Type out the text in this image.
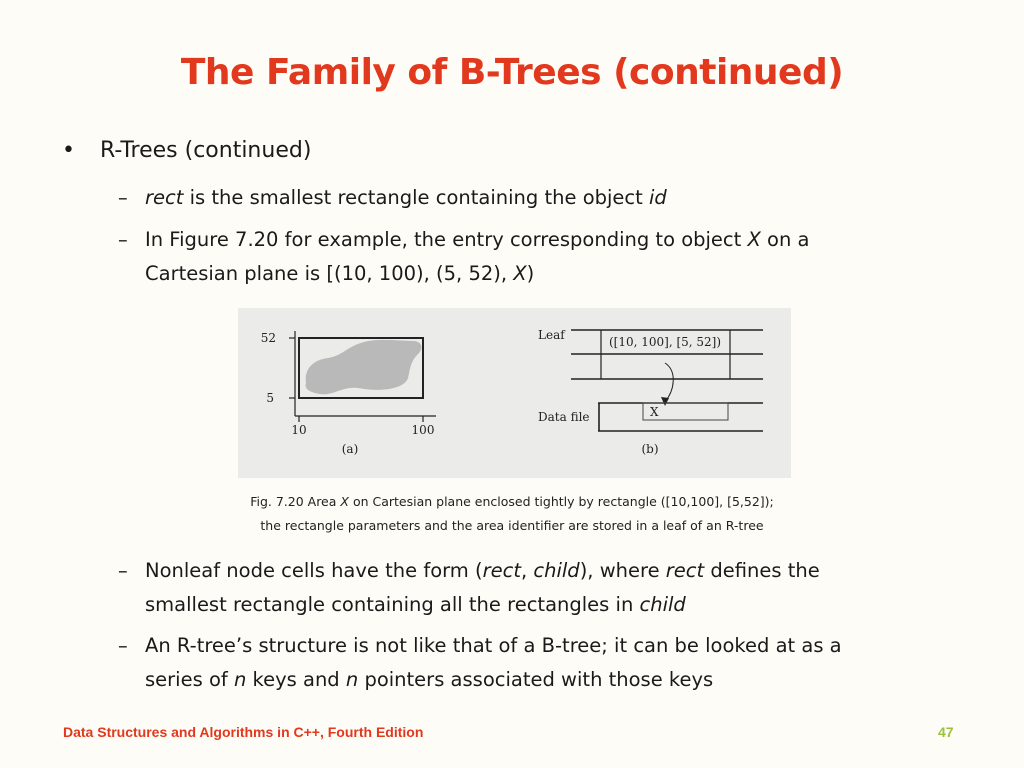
The Family of B-Trees (continued)
• R-Trees (continued)
– rect is the smallest rectangle containing the object id
– In Figure 7.20 for example, the entry corresponding to object X on a
Cartesian plane is [(10, 100), (5, 52), X)
52
5
10	100
(a)
Leaf	([10, 100], [5, 52])
Data file	X
(b)
Fig. 7.20 Area X on Cartesian plane enclosed tightly by rectangle ([10,100], [5,52]);
the rectangle parameters and the area identifier are stored in a leaf of an R-tree
– Nonleaf node cells have the form (rect, child), where rect defines the
smallest rectangle containing all the rectangles in child
– An R-tree’s structure is not like that of a B-tree; it can be looked at as a
series of n keys and n pointers associated with those keys
Data Structures and Algorithms in C++, Fourth Edition	47
